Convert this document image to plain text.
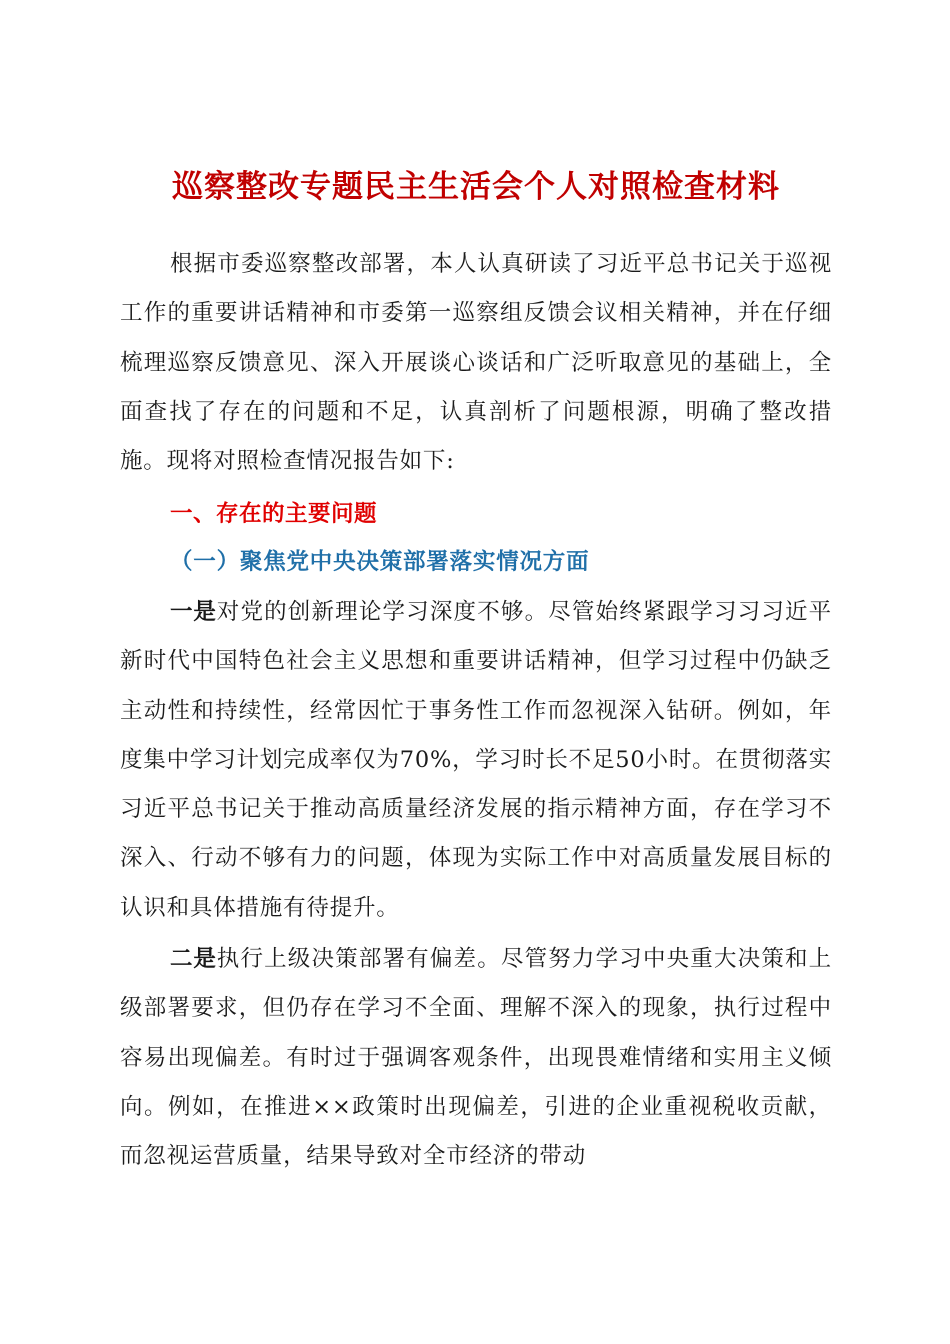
巡察整改专题民主生活会个人对照检查材料

根据市委巡察整改部署，本人认真研读了习近平总书记关于巡视工作的重要讲话精神和市委第一巡察组反馈会议相关精神，并在仔细梳理巡察反馈意见、深入开展谈心谈话和广泛听取意见的基础上，全面查找了存在的问题和不足，认真剖析了问题根源，明确了整改措施。现将对照检查情况报告如下:

一、存在的主要问题
（一）聚焦党中央决策部署落实情况方面

一是对党的创新理论学习深度不够。尽管始终紧跟学习习习近平新时代中国特色社会主义思想和重要讲话精神，但学习过程中仍缺乏主动性和持续性，经常因忙于事务性工作而忽视深入钻研。例如，年度集中学习计划完成率仅为70%，学习时长不足50小时。在贯彻落实习近平总书记关于推动高质量经济发展的指示精神方面，存在学习不深入、行动不够有力的问题，体现为实际工作中对高质量发展目标的认识和具体措施有待提升。

二是执行上级决策部署有偏差。尽管努力学习中央重大决策和上级部署要求，但仍存在学习不全面、理解不深入的现象，执行过程中容易出现偏差。有时过于强调客观条件，出现畏难情绪和实用主义倾向。例如，在推进××政策时出现偏差，引进的企业重视税收贡献，而忽视运营质量，结果导致对全市经济的带动
